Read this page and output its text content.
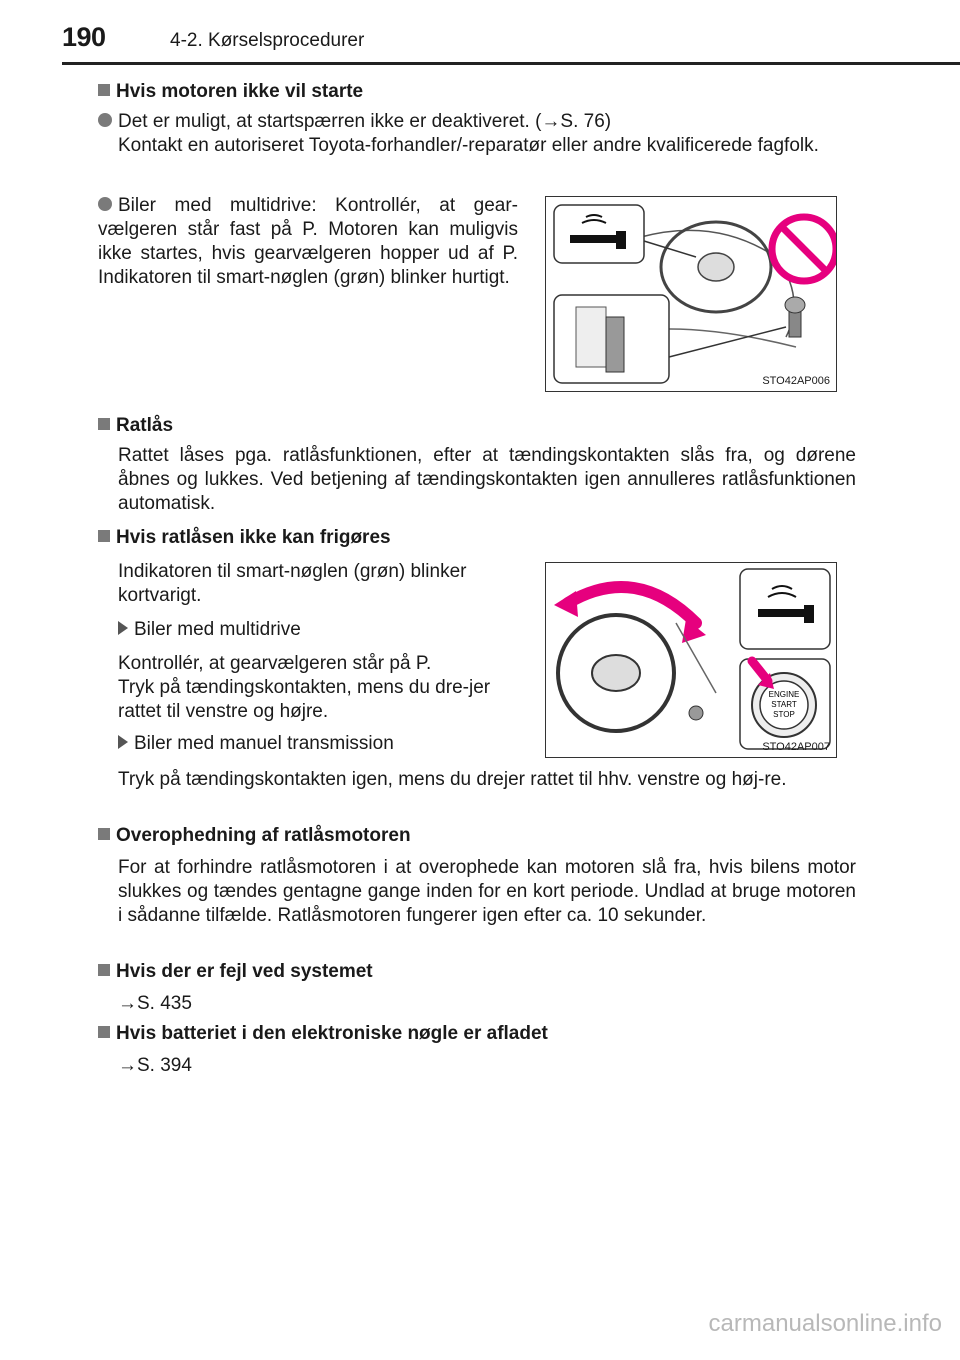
190	4-2. Kørselsprocedurer
Hvis motoren ikke vil starte
Det er muligt, at startspærren ikke er deaktiveret. (→S. 76)
Kontakt en autoriseret Toyota-forhandler/-reparatør eller andre kvalificerede fagfolk.
Biler med multidrive: Kontrollér, at gear-vælgeren står fast på P. Motoren kan muligvis ikke startes, hvis gearvælgeren hopper ud af P. Indikatoren til smart-nøglen (grøn) blinker hurtigt.
STO42AP006
Ratlås
Rattet låses pga. ratlåsfunktionen, efter at tændingskontakten slås fra, og dørene åbnes og lukkes. Ved betjening af tændingskontakten igen annulleres ratlåsfunktionen automatisk.
Hvis ratlåsen ikke kan frigøres
Indikatoren til smart-nøglen (grøn) blinker kortvarigt.
Biler med multidrive
Kontrollér, at gearvælgeren står på P.
Tryk på tændingskontakten, mens du dre-jer rattet til venstre og højre.
Biler med manuel transmission
Tryk på tændingskontakten igen, mens du drejer rattet til hhv. venstre og høj-re.
ENGINE
START
STOP
STO42AP007
Overophedning af ratlåsmotoren
For at forhindre ratlåsmotoren i at overophede kan motoren slå fra, hvis bilens motor slukkes og tændes gentagne gange inden for en kort periode. Undlad at bruge motoren i sådanne tilfælde. Ratlåsmotoren fungerer igen efter ca. 10 sekunder.
Hvis der er fejl ved systemet
→S. 435
Hvis batteriet i den elektroniske nøgle er afladet
→S. 394
carmanualsonline.info
